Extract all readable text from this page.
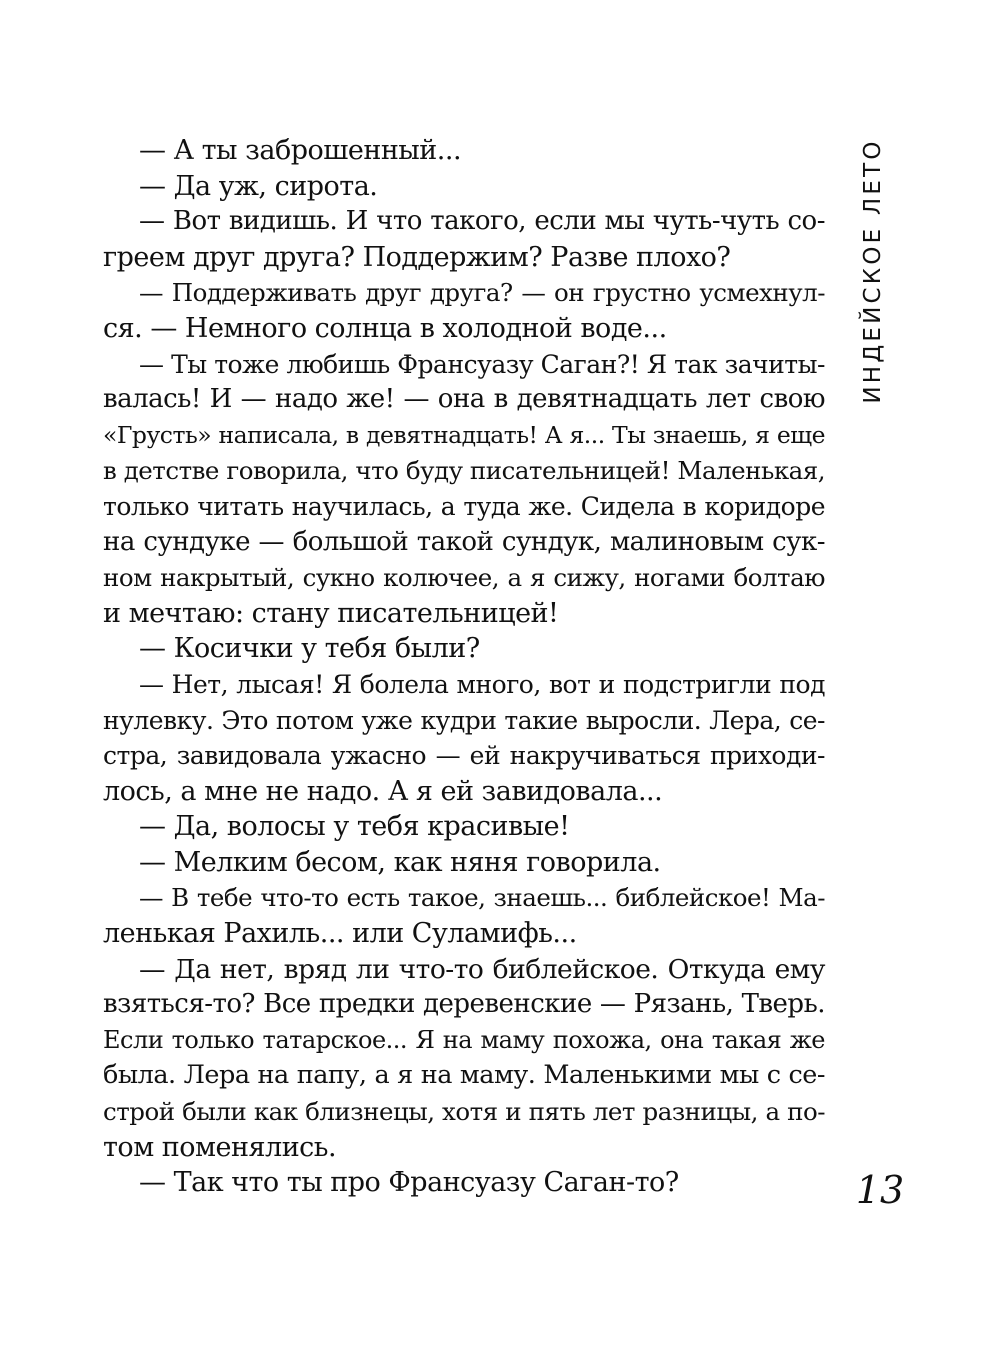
— А ты заброшенный...
— Да уж, сирота.
— Вот видишь. И что такого, если мы чуть-чуть со-
греем друг друга? Поддержим? Разве плохо?
— Поддерживать друг друга? — он грустно усмехнул-
ся. — Немного солнца в холодной воде...
— Ты тоже любишь Франсуазу Саган?! Я так зачиты-
валась! И — надо же! — она в девятнадцать лет свою
«Грусть» написала, в девятнадцать! А я... Ты знаешь, я еще
в детстве говорила, что буду писательницей! Маленькая,
только читать научилась, а туда же. Сидела в коридоре
на сундуке — большой такой сундук, малиновым сук-
ном накрытый, сукно колючее, а я сижу, ногами болтаю
и мечтаю: стану писательницей!
— Косички у тебя были?
— Нет, лысая! Я болела много, вот и подстригли под
нулевку. Это потом уже кудри такие выросли. Лера, се-
стра, завидовала ужасно — ей накручиваться приходи-
лось, а мне не надо. А я ей завидовала...
— Да, волосы у тебя красивые!
— Мелким бесом, как няня говорила.
— В тебе что-то есть такое, знаешь... библейское! Ма-
ленькая Рахиль... или Суламифь...
— Да нет, вряд ли что-то библейское. Откуда ему
взяться-то? Все предки деревенские — Рязань, Тверь.
Если только татарское... Я на маму похожа, она такая же
была. Лера на папу, а я на маму. Маленькими мы с се-
строй были как близнецы, хотя и пять лет разницы, а по-
том поменялись.
— Так что ты про Франсуазу Саган-то?
ИНДЕЙСКОЕ ЛЕТО
13
